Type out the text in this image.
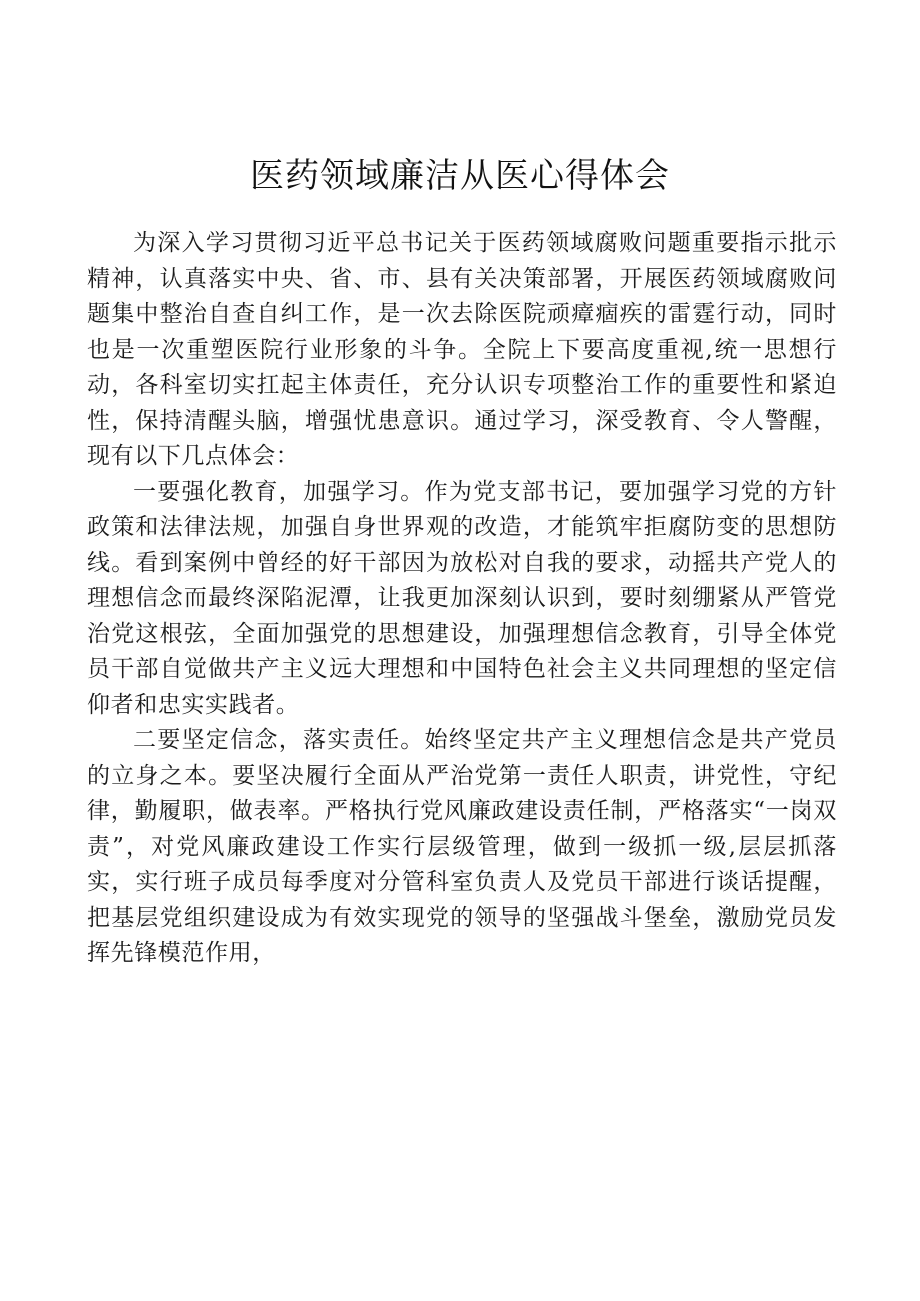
医药领域廉洁从医心得体会

为深入学习贯彻习近平总书记关于医药领域腐败问题重要指示批示精神，认真落实中央、省、市、县有关决策部署，开展医药领域腐败问题集中整治自查自纠工作，是一次去除医院顽瘴痼疾的雷霆行动，同时也是一次重塑医院行业形象的斗争。全院上下要高度重视,统一思想行动，各科室切实扛起主体责任，充分认识专项整治工作的重要性和紧迫性，保持清醒头脑，增强忧患意识。通过学习，深受教育、令人警醒，现有以下几点体会：

一要强化教育，加强学习。作为党支部书记，要加强学习党的方针政策和法律法规，加强自身世界观的改造，才能筑牢拒腐防变的思想防线。看到案例中曾经的好干部因为放松对自我的要求，动摇共产党人的理想信念而最终深陷泥潭，让我更加深刻认识到，要时刻绷紧从严管党治党这根弦，全面加强党的思想建设，加强理想信念教育，引导全体党员干部自觉做共产主义远大理想和中国特色社会主义共同理想的坚定信仰者和忠实实践者。

二要坚定信念，落实责任。始终坚定共产主义理想信念是共产党员的立身之本。要坚决履行全面从严治党第一责任人职责，讲党性，守纪律，勤履职，做表率。严格执行党风廉政建设责任制，严格落实“一岗双责”，对党风廉政建设工作实行层级管理，做到一级抓一级,层层抓落实，实行班子成员每季度对分管科室负责人及党员干部进行谈话提醒，把基层党组织建设成为有效实现党的领导的坚强战斗堡垒，激励党员发挥先锋模范作用，
